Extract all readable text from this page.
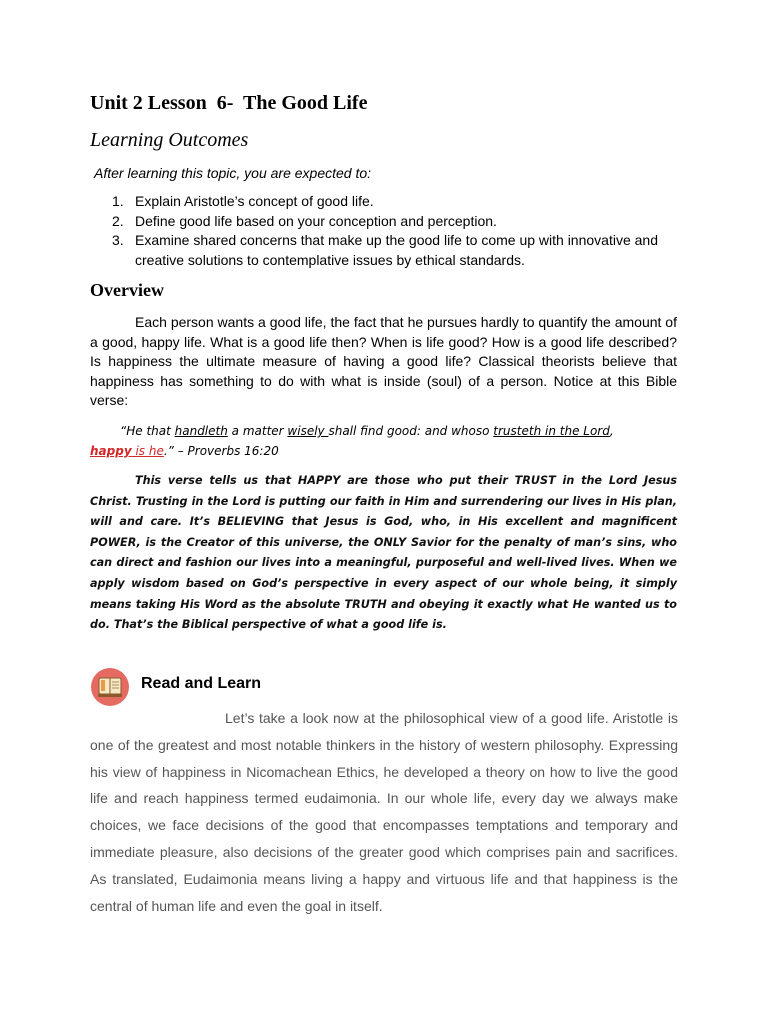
Unit 2 Lesson  6-  The Good Life
Learning Outcomes
After learning this topic, you are expected to:
1. Explain Aristotle’s concept of good life.
2. Define good life based on your conception and perception.
3. Examine shared concerns that make up the good life to come up with innovative and creative solutions to contemplative issues by ethical standards.
Overview

Each person wants a good life, the fact that he pursues hardly to quantify the amount of a good, happy life. What is a good life then? When is life good? How is a good life described? Is happiness the ultimate measure of having a good life? Classical theorists believe that happiness has something to do with what is inside (soul) of a person. Notice at this Bible verse:

“He that handleth a matter wisely shall find good: and whoso trusteth in the Lord,
happy is he.” – Proverbs 16:20

This verse tells us that HAPPY are those who put their TRUST in the Lord Jesus Christ. Trusting in the Lord is putting our faith in Him and surrendering our lives in His plan, will and care. It’s BELIEVING that Jesus is God, who, in His excellent and magnificent POWER, is the Creator of this universe, the ONLY Savior for the penalty of man’s sins, who can direct and fashion our lives into a meaningful, purposeful and well-lived lives. When we apply wisdom based on God’s perspective in every aspect of our whole being, it simply means taking His Word as the absolute TRUTH and obeying it exactly what He wanted us to do. That’s the Biblical perspective of what a good life is.

Read and Learn

Let’s take a look now at the philosophical view of a good life. Aristotle is one of the greatest and most notable thinkers in the history of western philosophy. Expressing his view of happiness in Nicomachean Ethics, he developed a theory on how to live the good life and reach happiness termed eudaimonia. In our whole life, every day we always make choices, we face decisions of the good that encompasses temptations and temporary and immediate pleasure, also decisions of the greater good which comprises pain and sacrifices. As translated, Eudaimonia means living a happy and virtuous life and that happiness is the central of human life and even the goal in itself.
